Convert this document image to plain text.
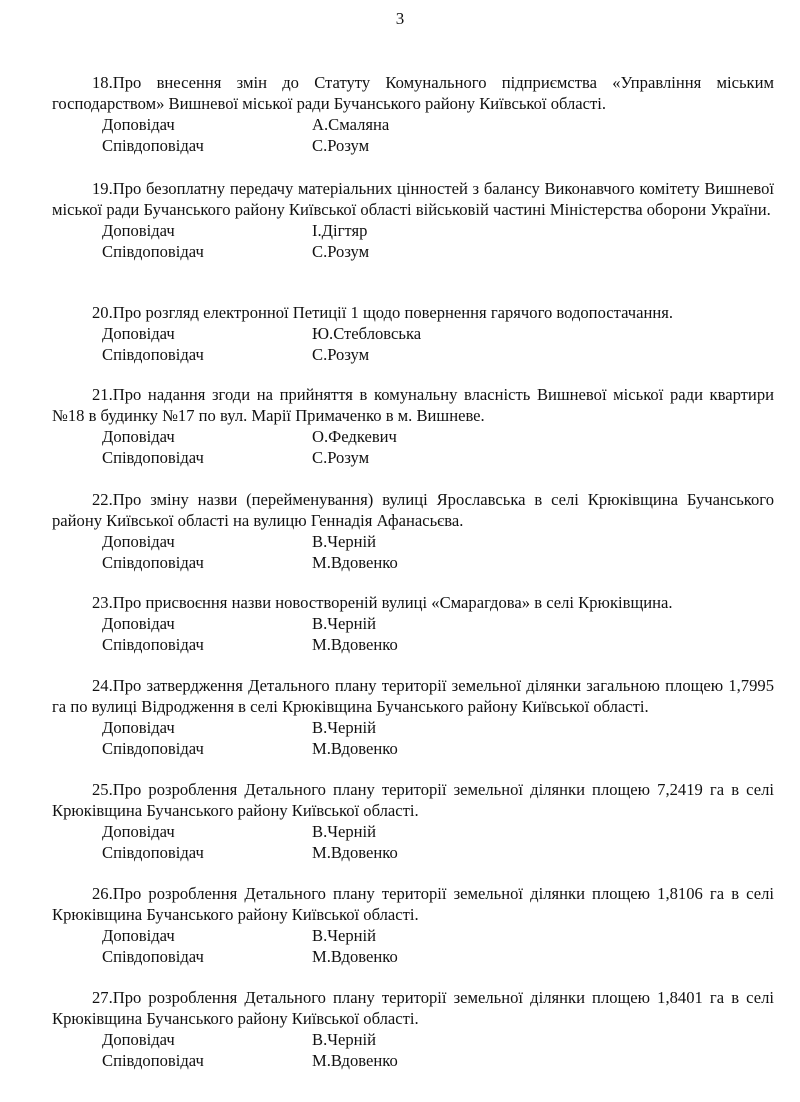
3

18.Про внесення змін до Статуту Комунального підприємства «Управління міським господарством» Вишневої міської ради Бучанського району Київської області.

Доповідач	А.Смаляна
Співдоповідач	С.Розум

19.Про безоплатну передачу матеріальних цінностей з балансу Виконавчого комітету Вишневої міської ради Бучанського району Київської області військовій частині Міністерства оборони України.

Доповідач	І.Дігтяр
Співдоповідач	С.Розум

20.Про розгляд електронної Петиції 1 щодо повернення гарячого водопостачання.

Доповідач	Ю.Стебловська
Співдоповідач	С.Розум

21.Про надання згоди на прийняття в комунальну власність Вишневої міської ради квартири №18 в будинку №17 по вул. Марії Примаченко в м. Вишневе.

Доповідач	О.Федкевич
Співдоповідач	С.Розум

22.Про зміну назви (перейменування) вулиці Ярославська в селі Крюківщина Бучанського району Київської області на вулицю Геннадія Афанасьєва.

Доповідач	В.Черній
Співдоповідач	М.Вдовенко

23.Про присвоєння назви новоствореній вулиці «Смарагдова» в селі Крюківщина.

Доповідач	В.Черній
Співдоповідач	М.Вдовенко

24.Про затвердження Детального плану території земельної ділянки загальною площею 1,7995 га по вулиці Відродження в селі Крюківщина Бучанського району Київської області.

Доповідач	В.Черній
Співдоповідач	М.Вдовенко

25.Про розроблення Детального плану території земельної ділянки площею 7,2419 га в селі Крюківщина Бучанського району Київської області.

Доповідач	В.Черній
Співдоповідач	М.Вдовенко

26.Про розроблення Детального плану території земельної ділянки площею 1,8106 га в селі Крюківщина Бучанського району Київської області.

Доповідач	В.Черній
Співдоповідач	М.Вдовенко

27.Про розроблення Детального плану території земельної ділянки площею 1,8401 га в селі Крюківщина Бучанського району Київської області.

Доповідач	В.Черній
Співдоповідач	М.Вдовенко
